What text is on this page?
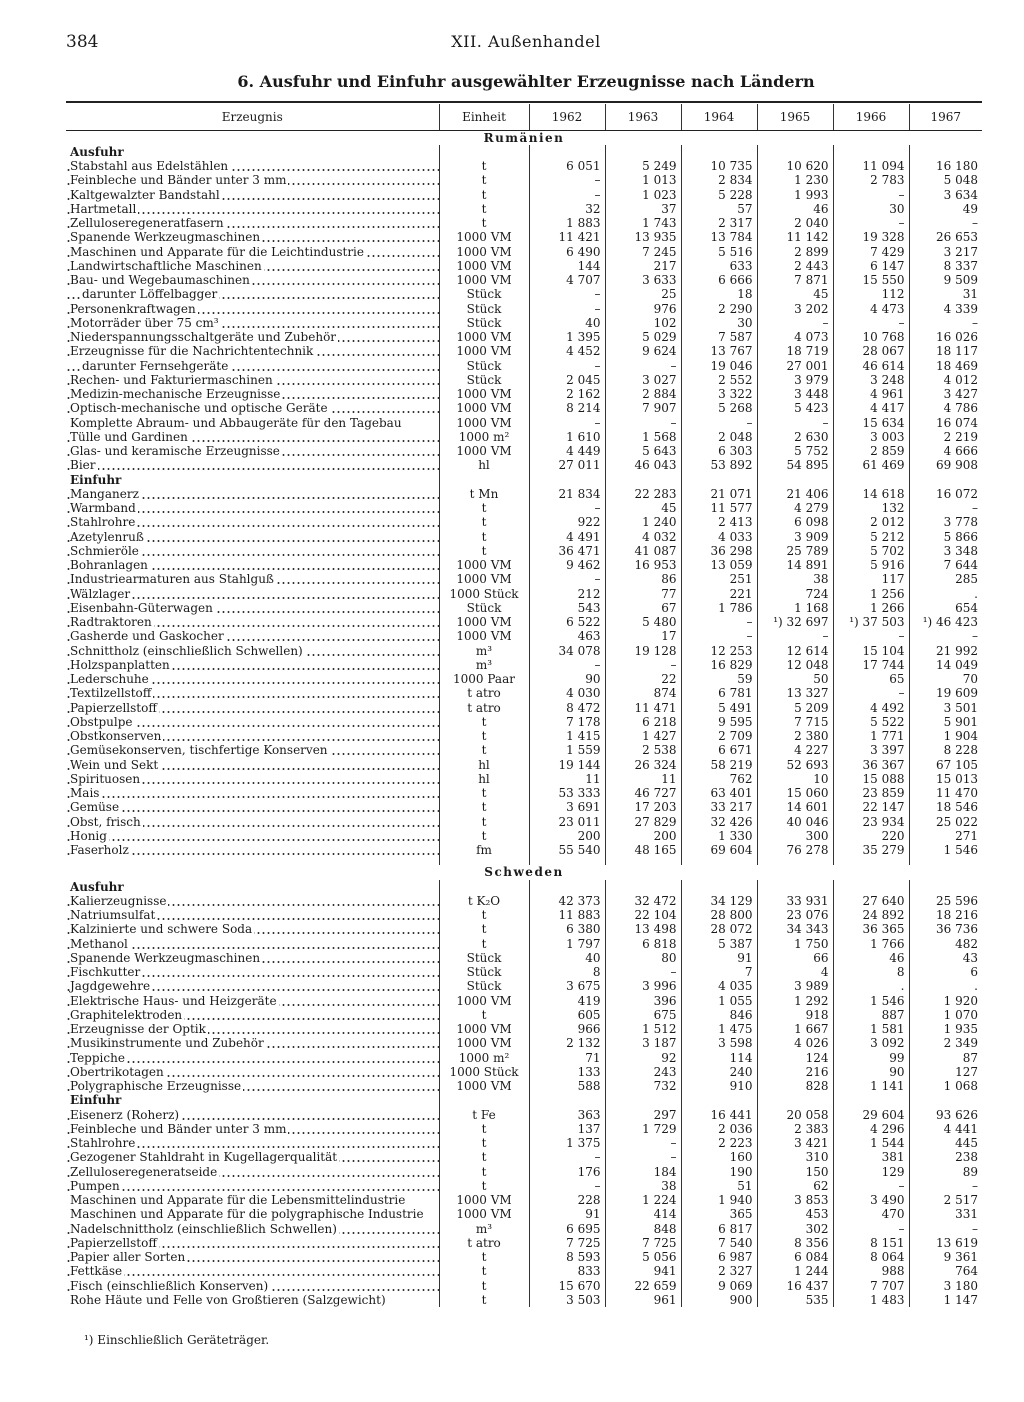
384	XII. Außenhandel
6. Ausfuhr und Einfuhr ausgewählter Erzeugnisse nach Ländern
Erzeugnis	Einheit	1962	1963	1964	1965	1966	1967
Rumänien							
Ausfuhr							
Stabstahl aus Edelstählen	t	6 051	5 249	10 735	10 620	11 094	16 180
Feinbleche und Bänder unter 3 mm	t	–	1 013	2 834	1 230	2 783	5 048
Kaltgewalzter Bandstahl	t	–	1 023	5 228	1 993	–	3 634
Hartmetall	t	32	37	57	46	30	49
Zelluloseregeneratfasern	t	1 883	1 743	2 317	2 040	–	–
Spanende Werkzeugmaschinen	1000 VM	11 421	13 935	13 784	11 142	19 328	26 653
Maschinen und Apparate für die Leichtindustrie	1000 VM	6 490	7 245	5 516	2 899	7 429	3 217
Landwirtschaftliche Maschinen	1000 VM	144	217	633	2 443	6 147	8 337
Bau- und Wegebaumaschinen	1000 VM	4 707	3 633	6 666	7 871	15 550	9 509
darunter Löffelbagger	Stück	–	25	18	45	112	31
Personenkraftwagen	Stück	–	976	2 290	3 202	4 473	4 339
Motorräder über 75 cm³	Stück	40	102	30	–	–	–
Niederspannungsschaltgeräte und Zubehör	1000 VM	1 395	5 029	7 587	4 073	10 768	16 026
Erzeugnisse für die Nachrichtentechnik	1000 VM	4 452	9 624	13 767	18 719	28 067	18 117
darunter Fernsehgeräte	Stück	–	–	19 046	27 001	46 614	18 469
Rechen- und Fakturiermaschinen	Stück	2 045	3 027	2 552	3 979	3 248	4 012
Medizin-mechanische Erzeugnisse	1000 VM	2 162	2 884	3 322	3 448	4 961	3 427
Optisch-mechanische und optische Geräte	1000 VM	8 214	7 907	5 268	5 423	4 417	4 786
Komplette Abraum- und Abbaugeräte für den Tagebau	1000 VM	–	–	–	–	15 634	16 074
Tülle und Gardinen	1000 m²	1 610	1 568	2 048	2 630	3 003	2 219
Glas- und keramische Erzeugnisse	1000 VM	4 449	5 643	6 303	5 752	2 859	4 666
Bier	hl	27 011	46 043	53 892	54 895	61 469	69 908
Einfuhr							
Manganerz	t Mn	21 834	22 283	21 071	21 406	14 618	16 072
Warmband	t	–	45	11 577	4 279	132	–
Stahlrohre	t	922	1 240	2 413	6 098	2 012	3 778
Azetylenruß	t	4 491	4 032	4 033	3 909	5 212	5 866
Schmieröle	t	36 471	41 087	36 298	25 789	5 702	3 348
Bohranlagen	1000 VM	9 462	16 953	13 059	14 891	5 916	7 644
Industriearmaturen aus Stahlguß	1000 VM	–	86	251	38	117	285
Wälzlager	1000 Stück	212	77	221	724	1 256	.
Eisenbahn-Güterwagen	Stück	543	67	1 786	1 168	1 266	654
Radtraktoren	1000 VM	6 522	5 480	–	¹) 32 697	¹) 37 503	¹) 46 423
Gasherde und Gaskocher	1000 VM	463	17	–	–	–	–
Schnittholz (einschließlich Schwellen)	m³	34 078	19 128	12 253	12 614	15 104	21 992
Holzspanplatten	m³	–	–	16 829	12 048	17 744	14 049
Lederschuhe	1000 Paar	90	22	59	50	65	70
Textilzellstoff	t atro	4 030	874	6 781	13 327	–	19 609
Papierzellstoff	t atro	8 472	11 471	5 491	5 209	4 492	3 501
Obstpulpe	t	7 178	6 218	9 595	7 715	5 522	5 901
Obstkonserven	t	1 415	1 427	2 709	2 380	1 771	1 904
Gemüsekonserven, tischfertige Konserven	t	1 559	2 538	6 671	4 227	3 397	8 228
Wein und Sekt	hl	19 144	26 324	58 219	52 693	36 367	67 105
Spirituosen	hl	11	11	762	10	15 088	15 013
Mais	t	53 333	46 727	63 401	15 060	23 859	11 470
Gemüse	t	3 691	17 203	33 217	14 601	22 147	18 546
Obst, frisch	t	23 011	27 829	32 426	40 046	23 934	25 022
Honig	t	200	200	1 330	300	220	271
Faserholz	fm	55 540	48 165	69 604	76 278	35 279	1 546

Schweden							
Ausfuhr							
Kalierzeugnisse	t K₂O	42 373	32 472	34 129	33 931	27 640	25 596
Natriumsulfat	t	11 883	22 104	28 800	23 076	24 892	18 216
Kalzinierte und schwere Soda	t	6 380	13 498	28 072	34 343	36 365	36 736
Methanol	t	1 797	6 818	5 387	1 750	1 766	482
Spanende Werkzeugmaschinen	Stück	40	80	91	66	46	43
Fischkutter	Stück	8	–	7	4	8	6
Jagdgewehre	Stück	3 675	3 996	4 035	3 989	.	.
Elektrische Haus- und Heizgeräte	1000 VM	419	396	1 055	1 292	1 546	1 920
Graphitelektroden	t	605	675	846	918	887	1 070
Erzeugnisse der Optik	1000 VM	966	1 512	1 475	1 667	1 581	1 935
Musikinstrumente und Zubehör	1000 VM	2 132	3 187	3 598	4 026	3 092	2 349
Teppiche	1000 m²	71	92	114	124	99	87
Obertrikotagen	1000 Stück	133	243	240	216	90	127
Polygraphische Erzeugnisse	1000 VM	588	732	910	828	1 141	1 068
Einfuhr							
Eisenerz (Roherz)	t Fe	363	297	16 441	20 058	29 604	93 626
Feinbleche und Bänder unter 3 mm	t	137	1 729	2 036	2 383	4 296	4 441
Stahlrohre	t	1 375	–	2 223	3 421	1 544	445
Gezogener Stahldraht in Kugellagerqualität	t	–	–	160	310	381	238
Zelluloseregeneratseide	t	176	184	190	150	129	89
Pumpen	t	–	38	51	62	–	–
Maschinen und Apparate für die Lebensmittelindustrie	1000 VM	228	1 224	1 940	3 853	3 490	2 517
Maschinen und Apparate für die polygraphische Industrie	1000 VM	91	414	365	453	470	331
Nadelschnittholz (einschließlich Schwellen)	m³	6 695	848	6 817	302	–	–
Papierzellstoff	t atro	7 725	7 725	7 540	8 356	8 151	13 619
Papier aller Sorten	t	8 593	5 056	6 987	6 084	8 064	9 361
Fettkäse	t	833	941	2 327	1 244	988	764
Fisch (einschließlich Konserven)	t	15 670	22 659	9 069	16 437	7 707	3 180
Rohe Häute und Felle von Großtieren (Salzgewicht)	t	3 503	961	900	535	1 483	1 147
¹) Einschließlich Geräteträger.
